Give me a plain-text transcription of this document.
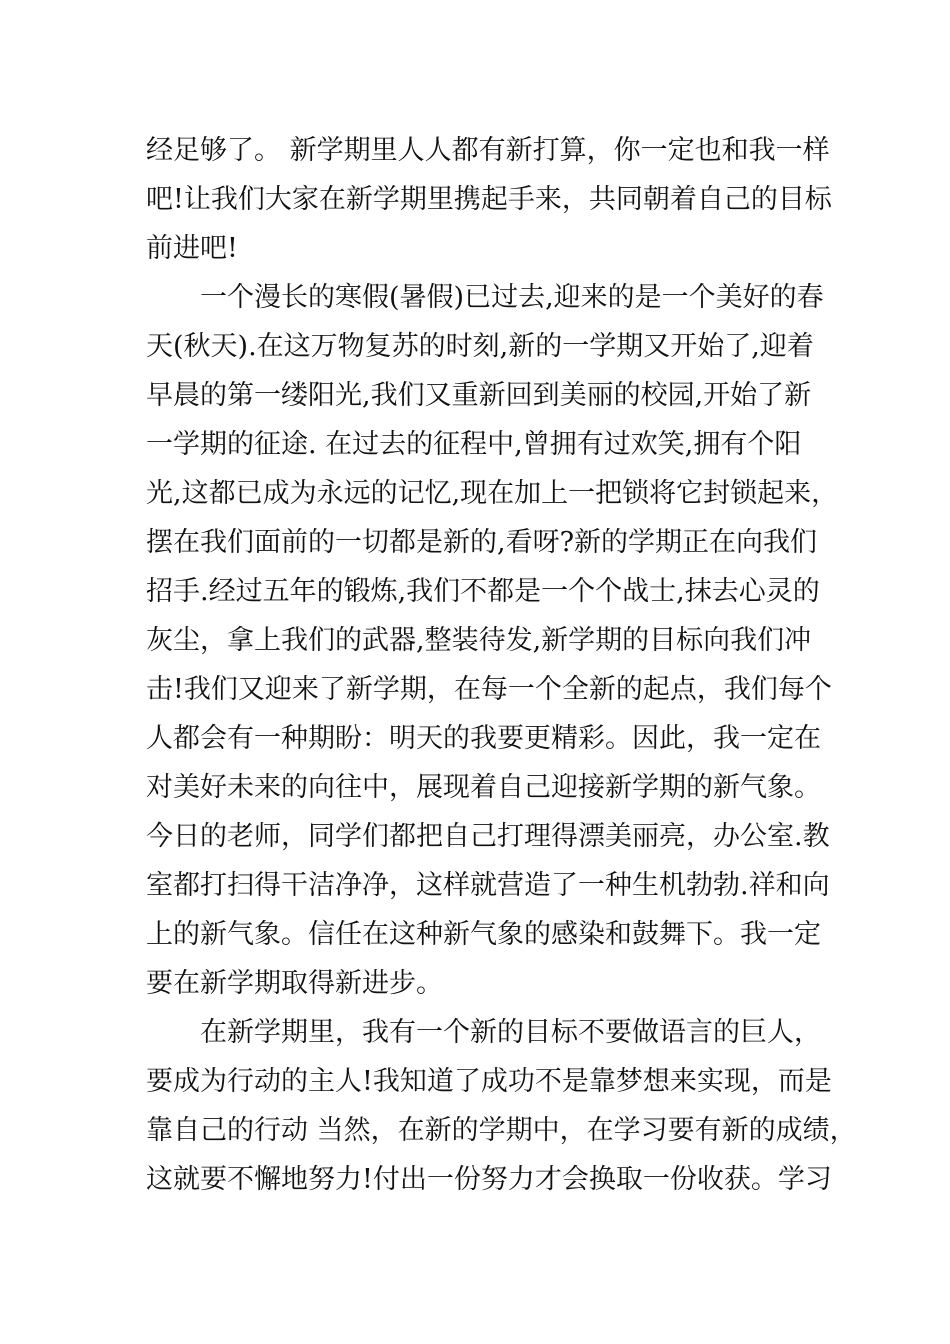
经足够了。 新学期里人人都有新打算，你一定也和我一样
吧!让我们大家在新学期里携起手来，共同朝着自己的目标
前进吧!
一个漫长的寒假(暑假)已过去,迎来的是一个美好的春
天(秋天).在这万物复苏的时刻,新的一学期又开始了,迎着
早晨的第一缕阳光,我们又重新回到美丽的校园,开始了新
一学期的征途. 在过去的征程中,曾拥有过欢笑,拥有个阳
光,这都已成为永远的记忆,现在加上一把锁将它封锁起来，
摆在我们面前的一切都是新的,看呀?新的学期正在向我们
招手.经过五年的锻炼,我们不都是一个个战士,抹去心灵的
灰尘，拿上我们的武器,整装待发,新学期的目标向我们冲
击!我们又迎来了新学期，在每一个全新的起点，我们每个
人都会有一种期盼：明天的我要更精彩。因此，我一定在
对美好未来的向往中，展现着自己迎接新学期的新气象。
今日的老师，同学们都把自己打理得漂美丽亮，办公室.教
室都打扫得干洁净净，这样就营造了一种生机勃勃.祥和向
上的新气象。信任在这种新气象的感染和鼓舞下。我一定
要在新学期取得新进步。
在新学期里，我有一个新的目标不要做语言的巨人，
要成为行动的主人!我知道了成功不是靠梦想来实现，而是
靠自己的行动 当然，在新的学期中，在学习要有新的成绩，
这就要不懈地努力!付出一份努力才会换取一份收获。学习
